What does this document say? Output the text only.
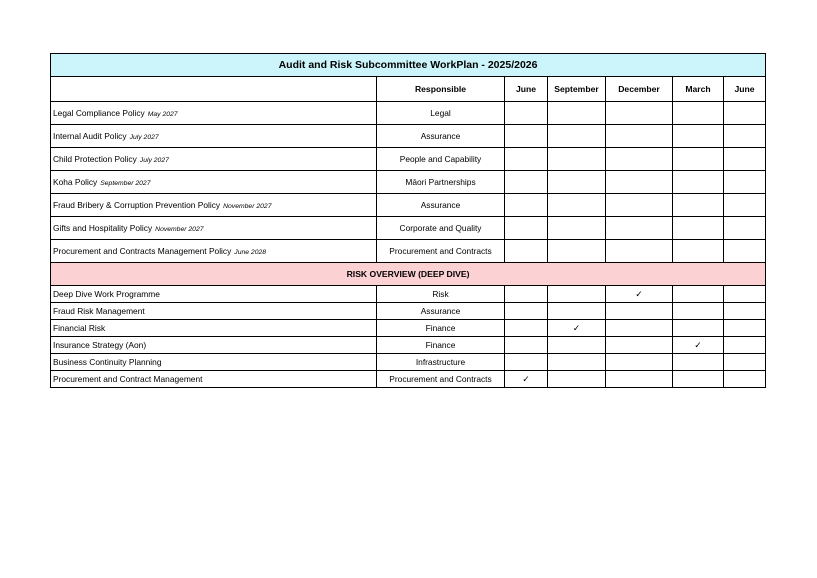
Audit and Risk Subcommittee WorkPlan - 2025/2026						
	Responsible	June	September	December	March	June
Legal Compliance Policy May 2027	Legal					
Internal Audit Policy July 2027	Assurance					
Child Protection Policy July 2027	People and Capability					
Koha Policy September 2027	Māori Partnerships					
Fraud Bribery & Corruption Prevention Policy November 2027	Assurance					
Gifts and Hospitality Policy November 2027	Corporate and Quality					
Procurement and Contracts Management Policy June 2028	Procurement and Contracts					
RISK OVERVIEW (DEEP DIVE)						
Deep Dive Work Programme	Risk			✓		
Fraud Risk Management	Assurance					
Financial Risk	Finance		✓			
Insurance Strategy (Aon)	Finance				✓	
Business Continuity Planning	Infrastructure					
Procurement and Contract Management	Procurement and Contracts	✓				
